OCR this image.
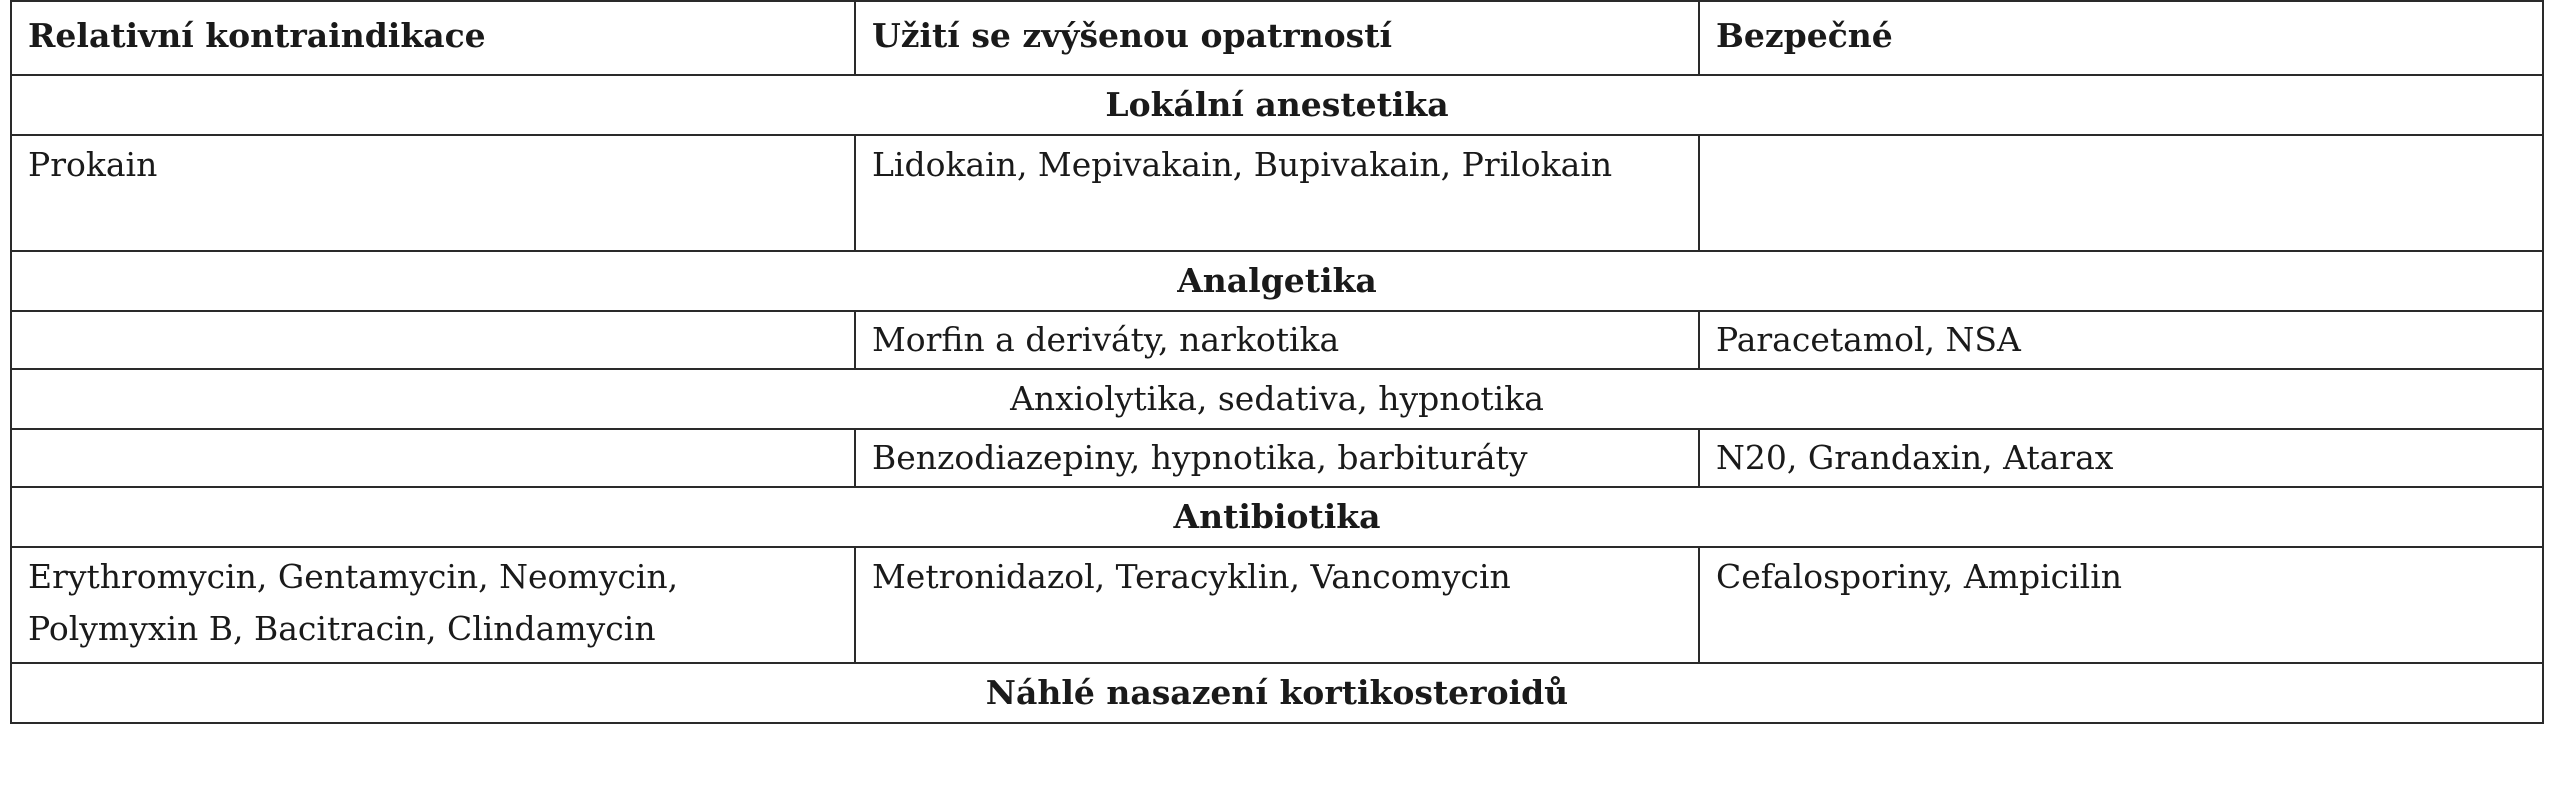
Relativní kontraindikace	Užití se zvýšenou opatrností	Bezpečné
Lokální anestetika		
Prokain	Lidokain, Mepivakain, Bupivakain, Prilokain	
Analgetika		
	Morfin a deriváty, narkotika	Paracetamol, NSA
Anxiolytika, sedativa, hypnotika		
	Benzodiazepiny, hypnotika, barbituráty	N20, Grandaxin, Atarax
Antibiotika		
Erythromycin, Gentamycin, Neomycin, Polymyxin B, Bacitracin, Clindamycin	Metronidazol, Teracyklin, Vancomycin	Cefalosporiny, Ampicilin
Náhlé nasazení kortikosteroidů		
